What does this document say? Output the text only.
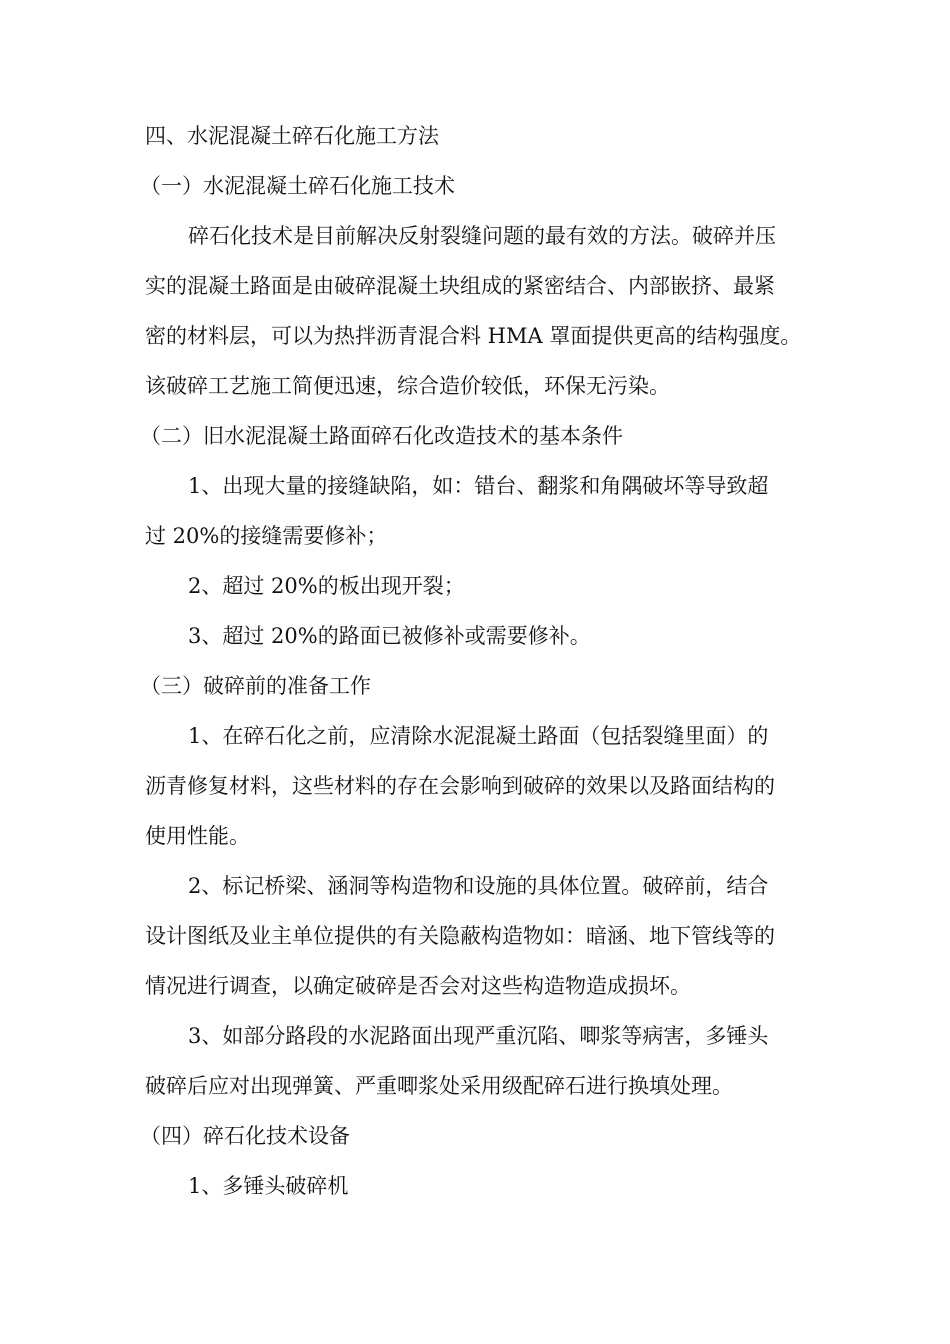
四、水泥混凝土碎石化施工方法
（一）水泥混凝土碎石化施工技术
碎石化技术是目前解决反射裂缝问题的最有效的方法。破碎并压
实的混凝土路面是由破碎混凝土块组成的紧密结合、内部嵌挤、最紧
密的材料层，可以为热拌沥青混合料 HMA 罩面提供更高的结构强度。
该破碎工艺施工简便迅速，综合造价较低，环保无污染。
（二）旧水泥混凝土路面碎石化改造技术的基本条件
1、出现大量的接缝缺陷，如：错台、翻浆和角隅破坏等导致超
过 20%的接缝需要修补；
2、超过 20%的板出现开裂；
3、超过 20%的路面已被修补或需要修补。
（三）破碎前的准备工作
1、在碎石化之前，应清除水泥混凝土路面（包括裂缝里面）的
沥青修复材料，这些材料的存在会影响到破碎的效果以及路面结构的
使用性能。
2、标记桥梁、涵洞等构造物和设施的具体位置。破碎前，结合
设计图纸及业主单位提供的有关隐蔽构造物如：暗涵、地下管线等的
情况进行调查，以确定破碎是否会对这些构造物造成损坏。
3、如部分路段的水泥路面出现严重沉陷、唧浆等病害，多锤头
破碎后应对出现弹簧、严重唧浆处采用级配碎石进行换填处理。
（四）碎石化技术设备
1、多锤头破碎机
